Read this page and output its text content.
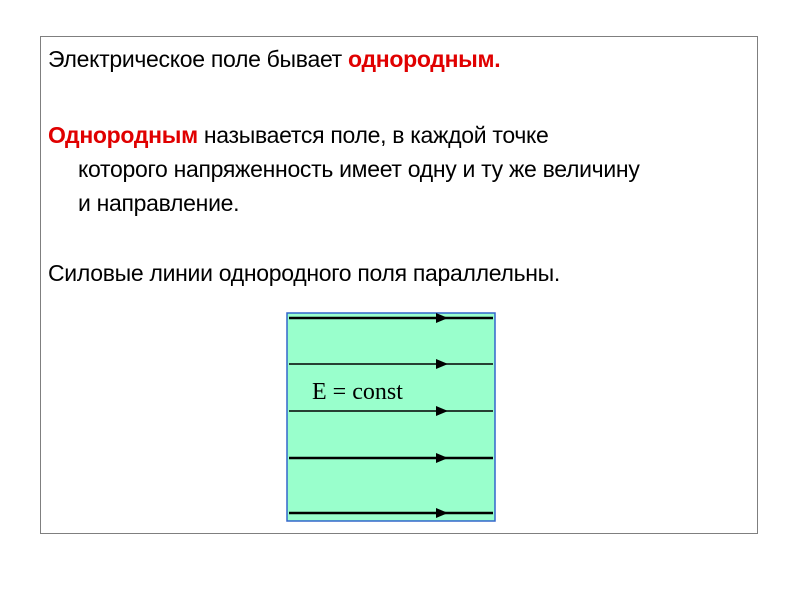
Электрическое поле бывает однородным.

Однородным называется поле, в каждой точке
которого напряженность имеет одну и ту же величину
и направление.

Силовые линии однородного поля параллельны.

E = const
